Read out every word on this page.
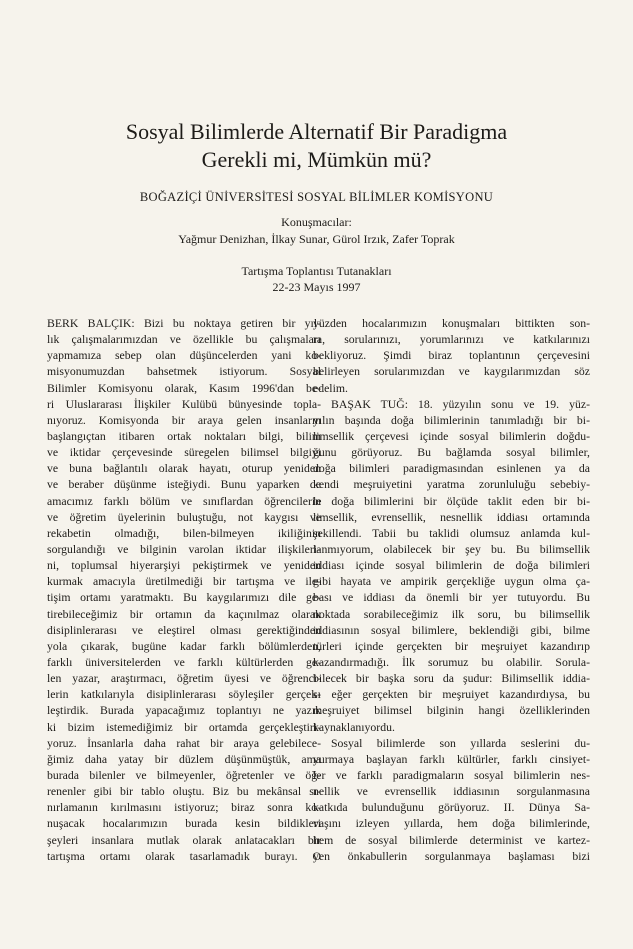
Sosyal Bilimlerde Alternatif Bir Paradigma
Gerekli mi, Mümkün mü?
BOĞAZİÇİ ÜNİVERSİTESİ SOSYAL BİLİMLER KOMİSYONU
Konuşmacılar:
Yağmur Denizhan, İlkay Sunar, Gürol Irzık, Zafer Toprak
Tartışma Toplantısı Tutanakları
22-23 Mayıs 1997
BERK BALÇIK: Bizi bu noktaya getiren bir yıl-
lık çalışmalarımızdan ve özellikle bu çalışmaları
yapmamıza sebep olan düşüncelerden yani ko-
misyonumuzdan bahsetmek istiyorum. Sosyal
Bilimler Komisyonu olarak, Kasım 1996'dan be-
ri Uluslararası İlişkiler Kulübü bünyesinde topla-
nıyoruz. Komisyonda bir araya gelen insanların
başlangıçtan itibaren ortak noktaları bilgi, bilim
ve iktidar çerçevesinde süregelen bilimsel bilgiyi
ve buna bağlantılı olarak hayatı, oturup yeniden
ve beraber düşünme isteğiydi. Bunu yaparken de
amacımız farklı bölüm ve sınıflardan öğrencilerin
ve öğretim üyelerinin buluştuğu, not kaygısı ve
rekabetin olmadığı, bilen-bilmeyen ikiliğinin
sorgulandığı ve bilginin varolan iktidar ilişkileri-
ni, toplumsal hiyerarşiyi pekiştirmek ve yeniden
kurmak amacıyla üretilmediği bir tartışma ve ile-
tişim ortamı yaratmaktı. Bu kaygılarımızı dile ge-
tirebileceğimiz bir ortamın da kaçınılmaz olarak
disiplinlerarası ve eleştirel olması gerektiğinden
yola çıkarak, bugüne kadar farklı bölümlerden,
farklı üniversitelerden ve farklı kültürlerden ge-
len yazar, araştırmacı, öğretim üyesi ve öğrenci-
lerin katkılarıyla disiplinlerarası söyleşiler gerçek-
leştirdik. Burada yapacağımız toplantıyı ne yazık
ki bizim istemediğimiz bir ortamda gerçekleştiri-
yoruz. İnsanlarla daha rahat bir araya gelebilece-
ğimiz daha yatay bir düzlem düşünmüştük, ama
burada bilenler ve bilmeyenler, öğretenler ve öğ-
renenler gibi bir tablo oluştu. Biz bu mekânsal sı-
nırlamanın kırılmasını istiyoruz; biraz sonra ko-
nuşacak hocalarımızın burada kesin bildikleri
şeyleri insanlara mutlak olarak anlatacakları bir
tartışma ortamı olarak tasarlamadık burayı. O
yüzden hocalarımızın konuşmaları bittikten son-
ra, sorularınızı, yorumlarınızı ve katkılarınızı
bekliyoruz. Şimdi biraz toplantının çerçevesini
belirleyen sorularımızdan ve kaygılarımızdan söz
edelim.
BAŞAK TUĞ: 18. yüzyılın sonu ve 19. yüz-
yılın başında doğa bilimlerinin tanımladığı bir bi-
limsellik çerçevesi içinde sosyal bilimlerin doğdu-
ğunu görüyoruz. Bu bağlamda sosyal bilimler,
doğa bilimleri paradigmasından esinlenen ya da
kendi meşruiyetini yaratma zorunluluğu sebebiy-
le doğa bilimlerini bir ölçüde taklit eden bir bi-
limsellik, evrensellik, nesnellik iddiası ortamında
şekillendi. Tabii bu taklidi olumsuz anlamda kul-
lanmıyorum, olabilecek bir şey bu. Bu bilimsellik
iddiası içinde sosyal bilimlerin de doğa bilimleri
gibi hayata ve ampirik gerçekliğe uygun olma ça-
bası ve iddiası da önemli bir yer tutuyordu. Bu
noktada sorabileceğimiz ilk soru, bu bilimsellik
iddiasının sosyal bilimlere, beklendiği gibi, bilme
türleri içinde gerçekten bir meşruiyet kazandırıp
kazandırmadığı. İlk sorumuz bu olabilir. Sorula-
bilecek bir başka soru da şudur: Bilimsellik iddia-
sı eğer gerçekten bir meşruiyet kazandırdıysa, bu
meşruiyet bilimsel bilginin hangi özelliklerinden
kaynaklanıyordu.
Sosyal bilimlerde son yıllarda seslerini du-
yurmaya başlayan farklı kültürler, farklı cinsiyet-
ler ve farklı paradigmaların sosyal bilimlerin nes-
nellik ve evrensellik iddiasının sorgulanmasına
katkıda bulunduğunu görüyoruz. II. Dünya Sa-
vaşını izleyen yıllarda, hem doğa bilimlerinde,
hem de sosyal bilimlerde determinist ve kartez-
yen önkabullerin sorgulanmaya başlaması bizi
